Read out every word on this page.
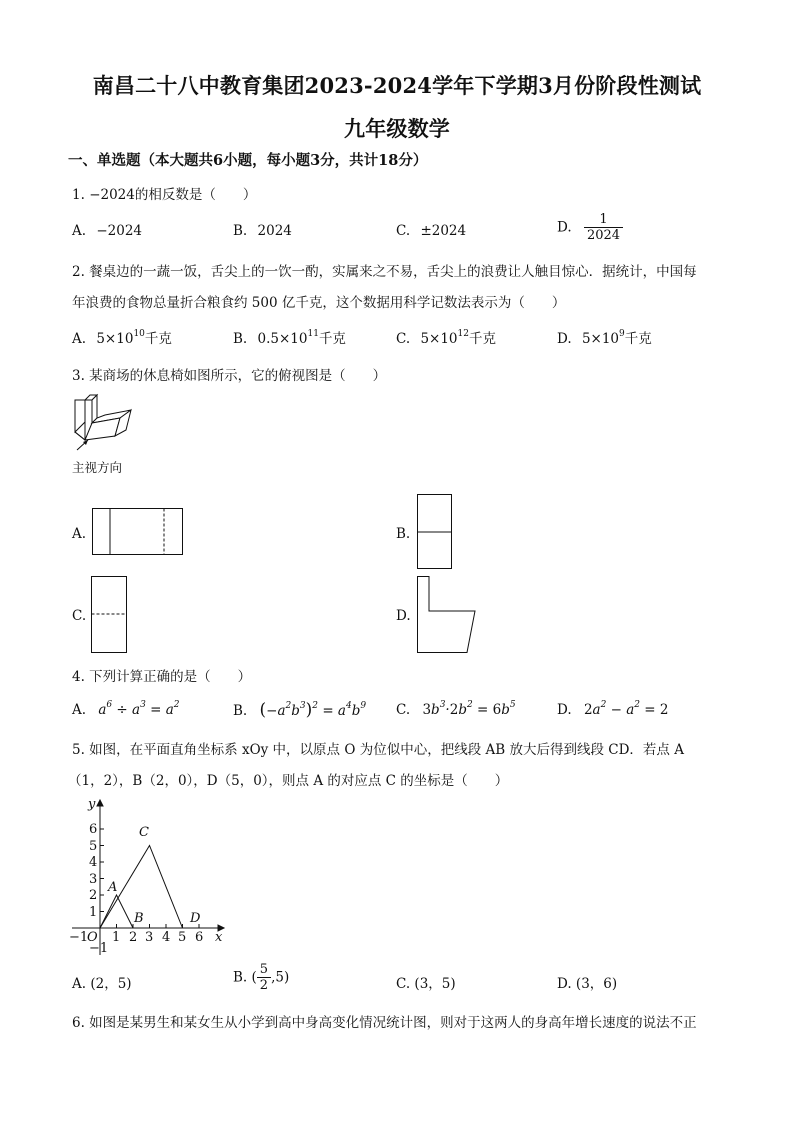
南昌二十八中教育集团2023-2024学年下学期3月份阶段性测试
九年级数学
一、单选题（本大题共6小题，每小题3分，共计18分）
1. −2024的相反数是（　　）
A. −2024	B. 2024	C. ±2024	D. $\frac{1}{2024}$
2. 餐桌边的一蔬一饭，舌尖上的一饮一酌，实属来之不易，舌尖上的浪费让人触目惊心．据统计，中国每
年浪费的食物总量折合粮食约 500 亿千克，这个数据用科学记数法表示为（　　）
A. $5\times 10^{10}$千克	B. $0.5\times 10^{11}$千克	C. $5\times 10^{12}$千克	D. $5\times 10^9$千克
3. 某商场的休息椅如图所示，它的俯视图是（　　）
主视方向
A.	B.
C.	D.
4. 下列计算正确的是（　　）
A. $a^6 \div a^3 = a^2$	B. $(-a^2b^3)^2 = a^4b^9$ C. $3b^3\cdot 2b^2 = 6b^5$	D. $2a^2 - a^2 = 2$
5. 如图，在平面直角坐标系 xOy 中，以原点 O 为位似中心，把线段 AB 放大后得到线段 CD．若点 A
（1，2），B（2，0），D（5，0），则点 A 的对应点 C 的坐标是（　　）
y
x
6
5
4
3
2
1
−1
−1
O 1 2 3 4 5 6
A
B
C
D
A. (2，5)	B. ( $\frac{5}{2} ,5$)	C. (3，5)	D. (3，6)
6. 如图是某男生和某女生从小学到高中身高变化情况统计图，则对于这两人的身高年增长速度的说法不正
